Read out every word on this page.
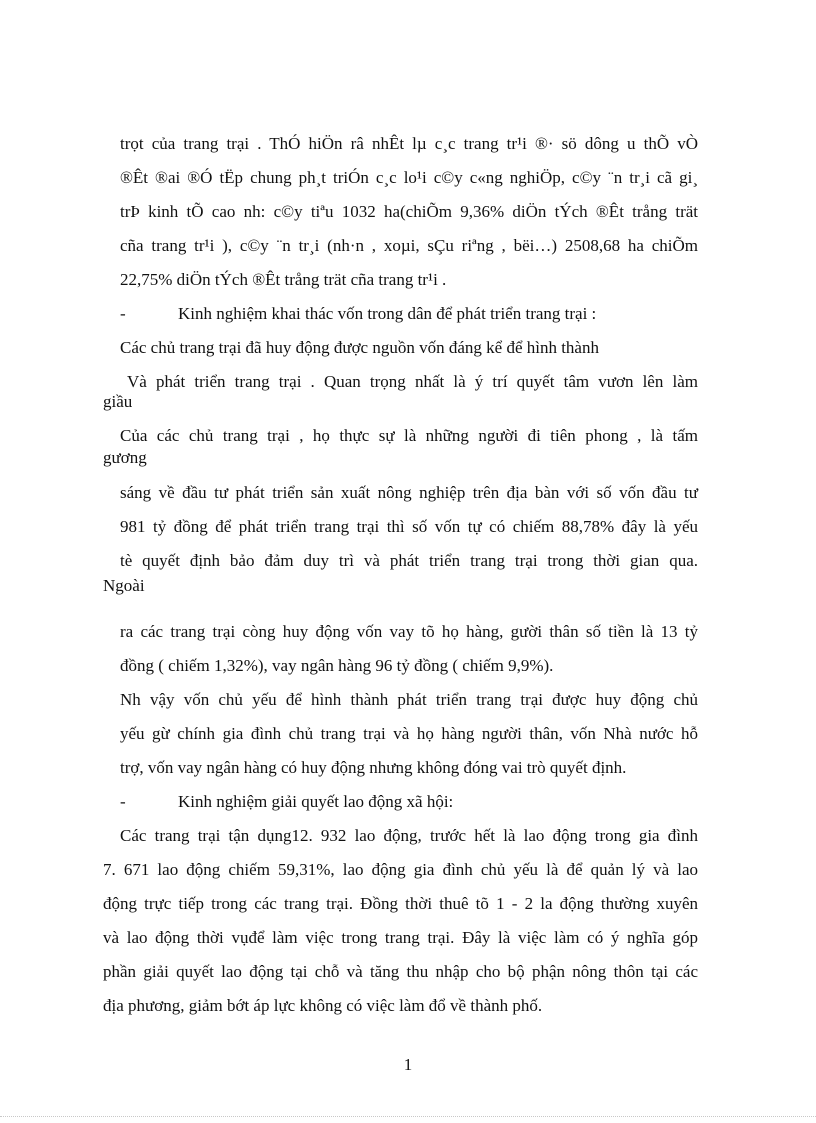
trọt của trang trại . ThÓ hiÖn râ nhÊt lµ c¸c trang tr¹i ®· sö dông u thÕ vÒ
®Êt ®ai ®Ó tËp chung ph¸t triÓn c¸c lo¹i c©y c«ng nghiÖp, c©y ¨n tr¸i cã gi¸
trÞ kinh tÕ cao nh: c©y tiªu 1032 ha(chiÕm 9,36% diÖn tÝch ®Êt trång trät
cña trang tr¹i ), c©y ¨n tr¸i (nh·n , xoµi, sÇu riªng , bëi…) 2508,68 ha chiÕm
22,75% diÖn tÝch ®Êt trång trät cña trang tr¹i .
-	Kinh nghiệm khai thác vốn trong dân để phát triển trang trại :
Các chủ trang trại đã huy động được nguồn vốn đáng kể để hình thành
Và phát triển trang trại . Quan trọng nhất là ý trí quyết tâm vươn lên làm
giầu
Của các chủ trang trại , họ thực sự là những người đi tiên phong , là tấm
gương
sáng về đầu tư phát triển sản xuất nông nghiệp trên địa bàn với số vốn đầu tư
981 tỷ đồng để phát triển trang trại thì số vốn tự có chiếm 88,78% đây là yếu
tè quyết định bảo đảm duy trì và phát triển trang trại trong thời gian qua.
Ngoài
ra các trang trại còng huy động vốn vay tõ họ hàng, gười thân số tiền là 13 tỷ
đồng ( chiếm 1,32%), vay ngân hàng 96 tỷ đồng ( chiếm 9,9%).
Nh vậy vốn chủ yếu để hình thành phát triển trang trại được huy động chủ
yếu gừ chính gia đình chủ trang trại và họ hàng người thân, vốn Nhà nước hỗ
trợ, vốn vay ngân hàng có huy động nhưng không đóng vai trò quyết định.
-	Kinh nghiệm giải quyết lao động xã hội:
Các trang trại tận dụng12. 932 lao động, trước hết là lao động trong gia đình
7. 671 lao động chiếm 59,31%, lao động gia đình chủ yếu là để quản lý và lao
động trực tiếp trong các trang trại. Đồng thời thuê tõ 1 - 2 la động thường xuyên
và lao động thời vụđể làm việc trong trang trại. Đây là việc làm có ý nghĩa góp
phần giải quyết lao động tại chỗ và tăng thu nhập cho bộ phận nông thôn tại các
địa phương, giảm bớt áp lực không có việc làm đổ về thành phố.
1
